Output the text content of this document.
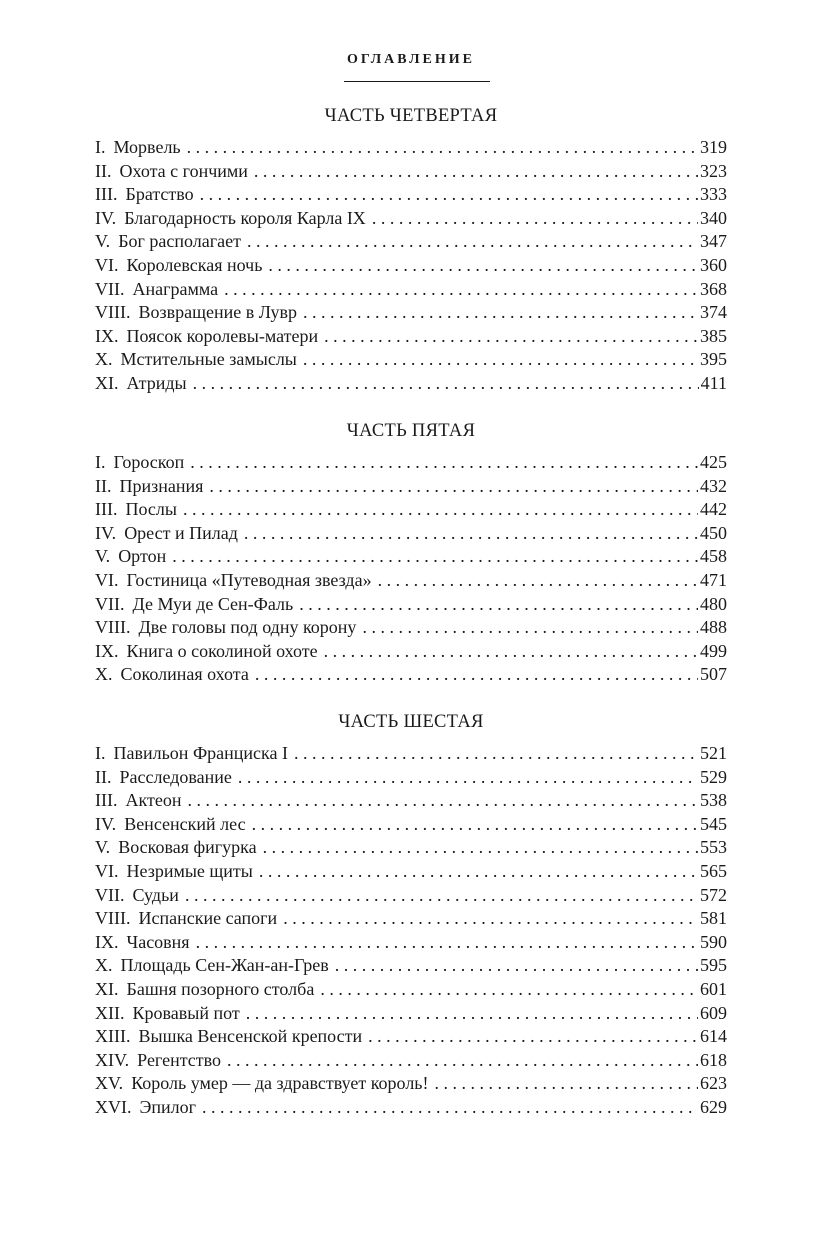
ОГЛАВЛЕНИЕ
ЧАСТЬ ЧЕТВЕРТАЯ
I. Морвель . . .	319
II. Охота с гончими . . .	323
III. Братство . . .	333
IV. Благодарность короля Карла IX . . .	340
V. Бог располагает . . .	347
VI. Королевская ночь . . .	360
VII. Анаграмма . . .	368
VIII. Возвращение в Лувр . . .	374
IX. Поясок королевы-матери . . .	385
X. Мстительные замыслы . . .	395
XI. Атриды . . .	411
ЧАСТЬ ПЯТАЯ
I. Гороскоп . . .	425
II. Признания . . .	432
III. Послы . . .	442
IV. Орест и Пилад . . .	450
V. Ортон . . .	458
VI. Гостиница «Путеводная звезда» . . .	471
VII. Де Муи де Сен-Фаль . . .	480
VIII. Две головы под одну корону . . .	488
IX. Книга о соколиной охоте . . .	499
X. Соколиная охота . . .	507
ЧАСТЬ ШЕСТАЯ
I. Павильон Франциска I . . .	521
II. Расследование . . .	529
III. Актеон . . .	538
IV. Венсенский лес . . .	545
V. Восковая фигурка . . .	553
VI. Незримые щиты . . .	565
VII. Судьи . . .	572
VIII. Испанские сапоги . . .	581
IX. Часовня . . .	590
X. Площадь Сен-Жан-ан-Грев . . .	595
XI. Башня позорного столба . . .	601
XII. Кровавый пот . . .	609
XIII. Вышка Венсенской крепости . . .	614
XIV. Регентство . . .	618
XV. Король умер — да здравствует король! . . .	623
XVI. Эпилог . . .	629
